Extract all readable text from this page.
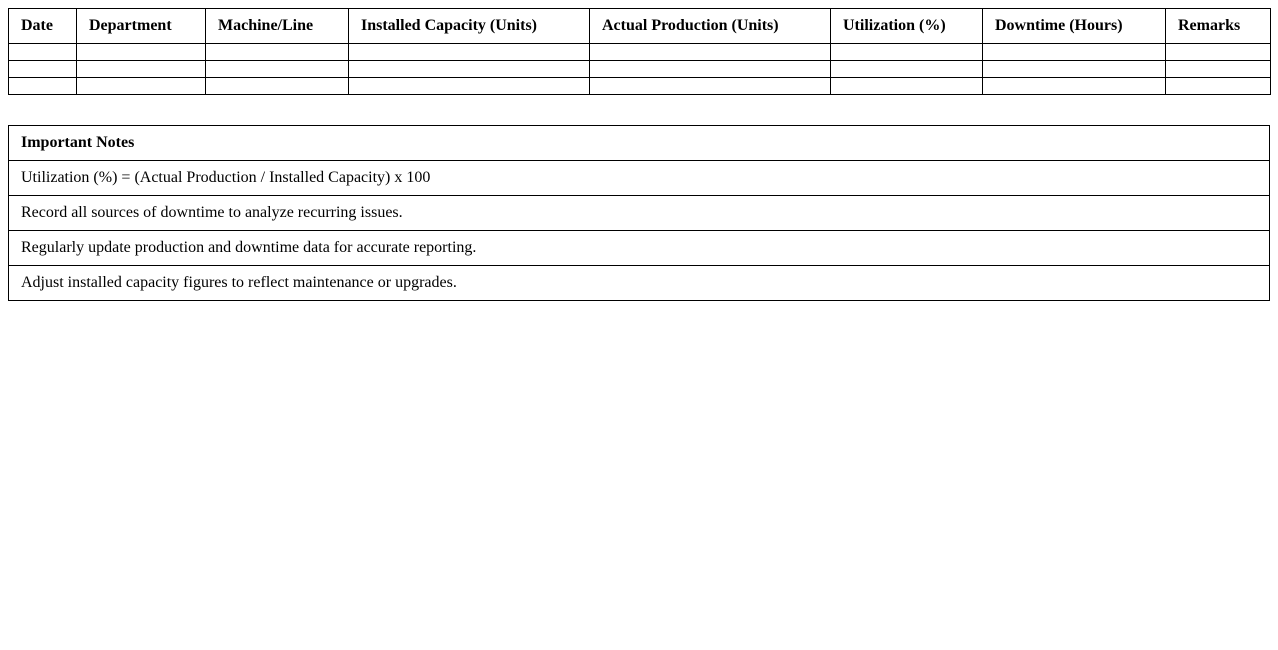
Date	Department	Machine/Line	Installed Capacity (Units)	Actual Production (Units)	Utilization (%)	Downtime (Hours)	Remarks

Important Notes
Utilization (%) = (Actual Production / Installed Capacity) x 100
Record all sources of downtime to analyze recurring issues.
Regularly update production and downtime data for accurate reporting.
Adjust installed capacity figures to reflect maintenance or upgrades.
